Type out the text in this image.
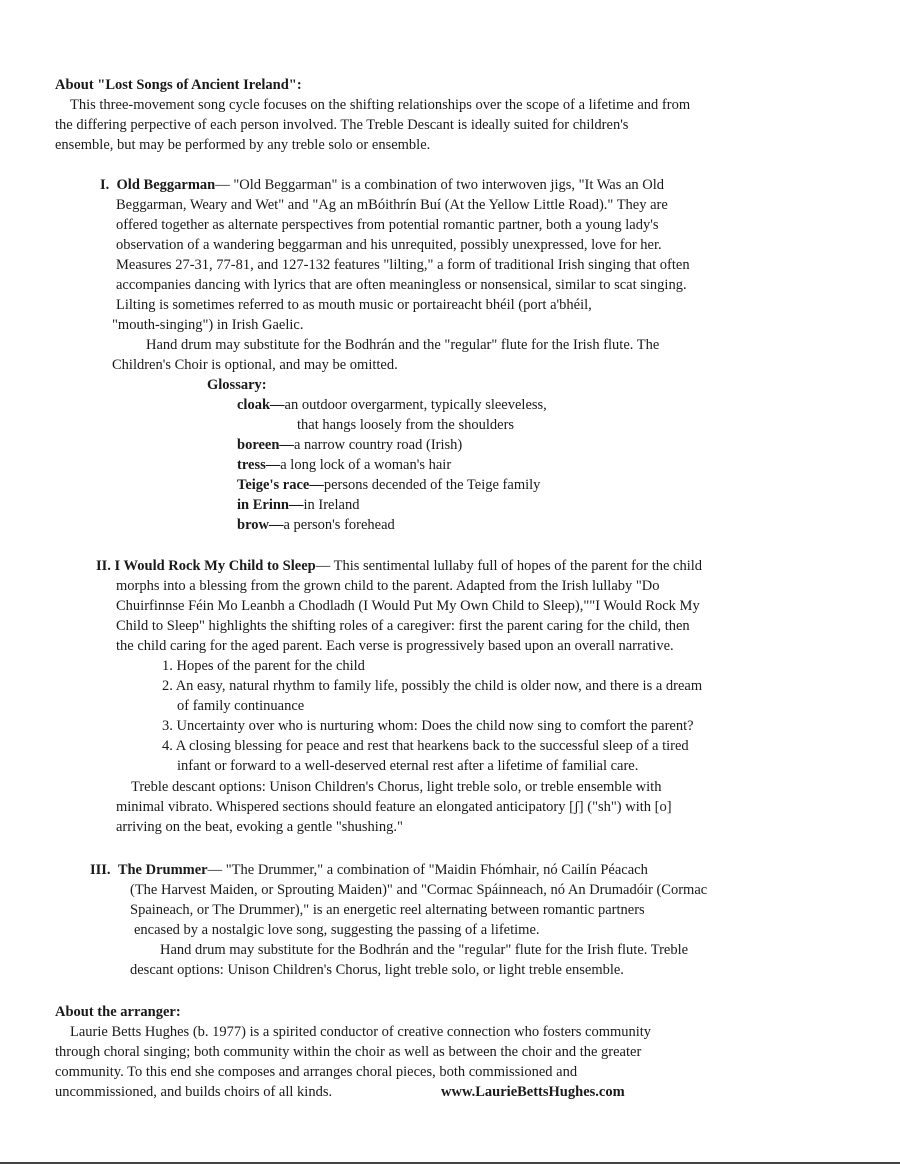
About "Lost Songs of Ancient Ireland":
This three-movement song cycle focuses on the shifting relationships over the scope of a lifetime and from
the differing perpective of each person involved. The Treble Descant is ideally suited for children's
ensemble, but may be performed by any treble solo or ensemble.
I. Old Beggarman— "Old Beggarman" is a combination of two interwoven jigs, "It Was an Old
Beggarman, Weary and Wet" and "Ag an mBóithrín Buí (At the Yellow Little Road)." They are
offered together as alternate perspectives from potential romantic partner, both a young lady's
observation of a wandering beggarman and his unrequited, possibly unexpressed, love for her.
Measures 27-31, 77-81, and 127-132 features "lilting," a form of traditional Irish singing that often
accompanies dancing with lyrics that are often meaningless or nonsensical, similar to scat singing.
Lilting is sometimes referred to as mouth music or portaireacht bhéil (port a'bhéil,
"mouth-singing") in Irish Gaelic.
Hand drum may substitute for the Bodhrán and the "regular" flute for the Irish flute. The
Children's Choir is optional, and may be omitted.
Glossary:
cloak—an outdoor overgarment, typically sleeveless,
that hangs loosely from the shoulders
boreen—a narrow country road (Irish)
tress—a long lock of a woman's hair
Teige's race—persons decended of the Teige family
in Erinn—in Ireland
brow—a person's forehead
II. I Would Rock My Child to Sleep— This sentimental lullaby full of hopes of the parent for the child
morphs into a blessing from the grown child to the parent. Adapted from the Irish lullaby "Do
Chuirfinnse Féin Mo Leanbh a Chodladh (I Would Put My Own Child to Sleep),""I Would Rock My
Child to Sleep" highlights the shifting roles of a caregiver: first the parent caring for the child, then
the child caring for the aged parent. Each verse is progressively based upon an overall narrative.
1. Hopes of the parent for the child
2. An easy, natural rhythm to family life, possibly the child is older now, and there is a dream
of family continuance
3. Uncertainty over who is nurturing whom: Does the child now sing to comfort the parent?
4. A closing blessing for peace and rest that hearkens back to the successful sleep of a tired
infant or forward to a well-deserved eternal rest after a lifetime of familial care.
Treble descant options: Unison Children's Chorus, light treble solo, or treble ensemble with
minimal vibrato. Whispered sections should feature an elongated anticipatory [ʃ] ("sh") with [o]
arriving on the beat, evoking a gentle "shushing."
III. The Drummer— "The Drummer," a combination of "Maidin Fhómhair, nó Cailín Péacach
(The Harvest Maiden, or Sprouting Maiden)" and "Cormac Spáinneach, nó An Drumadóir (Cormac
Spaineach, or The Drummer)," is an energetic reel alternating between romantic partners
encased by a nostalgic love song, suggesting the passing of a lifetime.
Hand drum may substitute for the Bodhrán and the "regular" flute for the Irish flute. Treble
descant options: Unison Children's Chorus, light treble solo, or light treble ensemble.
About the arranger:
Laurie Betts Hughes (b. 1977) is a spirited conductor of creative connection who fosters community
through choral singing; both community within the choir as well as between the choir and the greater
community. To this end she composes and arranges choral pieces, both commissioned and
uncommissioned, and builds choirs of all kinds.	www.LaurieBettsHughes.com
